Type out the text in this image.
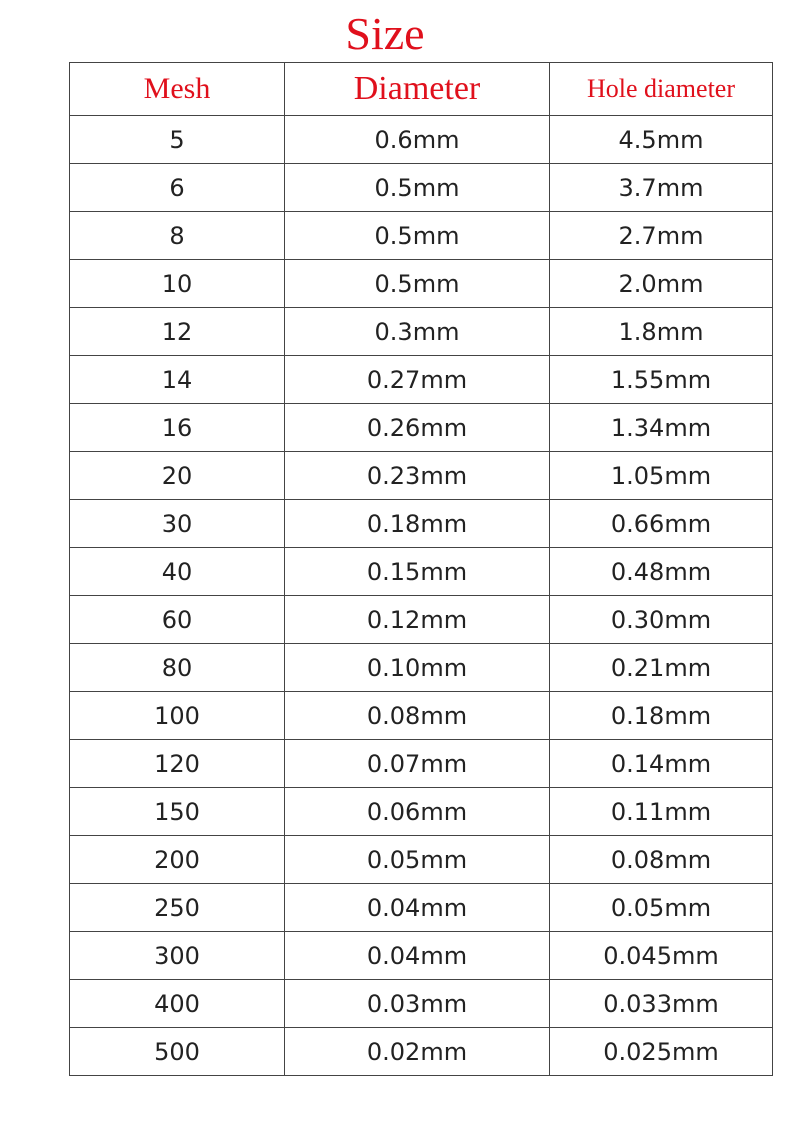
Size
Mesh	Diameter	Hole diameter
5	0.6mm	4.5mm
6	0.5mm	3.7mm
8	0.5mm	2.7mm
10	0.5mm	2.0mm
12	0.3mm	1.8mm
14	0.27mm	1.55mm
16	0.26mm	1.34mm
20	0.23mm	1.05mm
30	0.18mm	0.66mm
40	0.15mm	0.48mm
60	0.12mm	0.30mm
80	0.10mm	0.21mm
100	0.08mm	0.18mm
120	0.07mm	0.14mm
150	0.06mm	0.11mm
200	0.05mm	0.08mm
250	0.04mm	0.05mm
300	0.04mm	0.045mm
400	0.03mm	0.033mm
500	0.02mm	0.025mm
